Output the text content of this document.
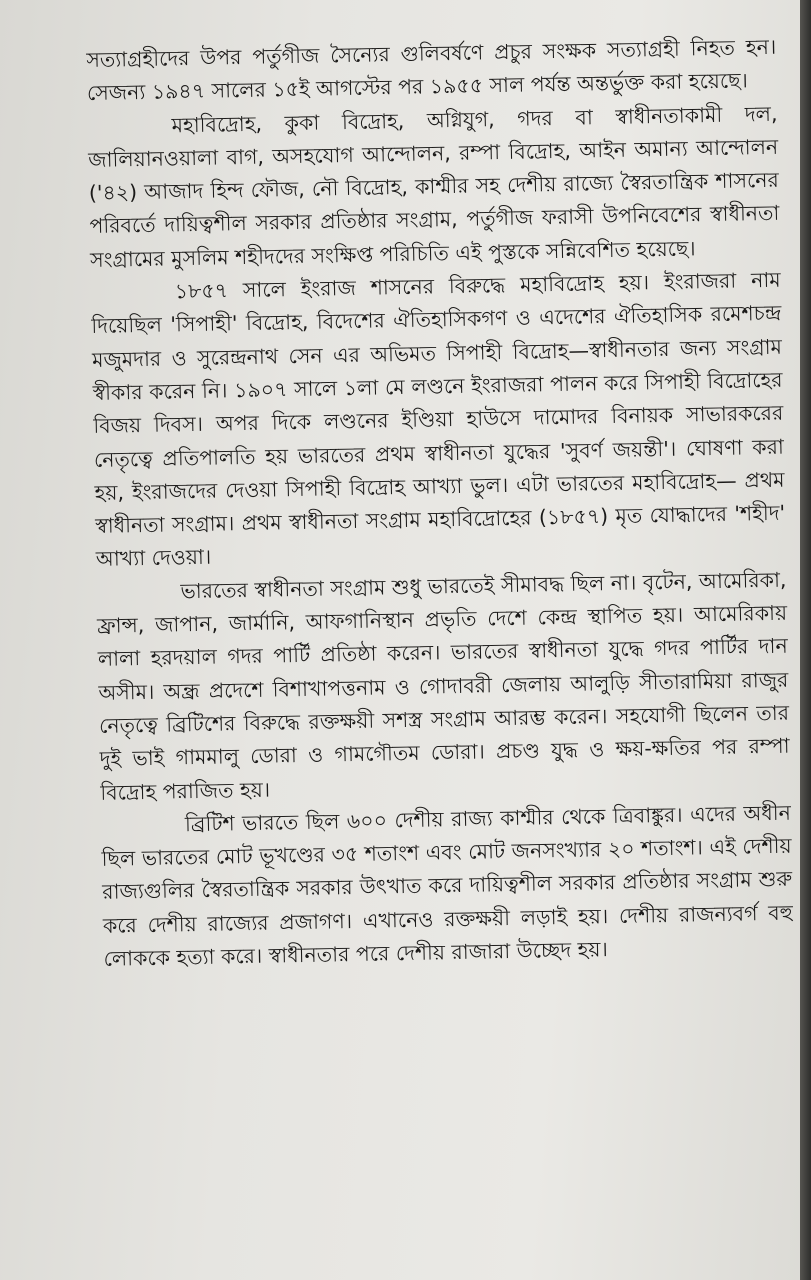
সত্যাগ্রহীদের উপর পর্তুগীজ সৈন্যের গুলিবর্ষণে প্রচুর সংক্ষক সত্যাগ্রহী নিহত হন। সেজন্য ১৯৪৭ সালের ১৫ই আগস্টের পর ১৯৫৫ সাল পর্যন্ত অন্তর্ভুক্ত করা হয়েছে।

মহাবিদ্রোহ, কুকা বিদ্রোহ, অগ্নিযুগ, গদর বা স্বাধীনতাকামী দল, জালিয়ানওয়ালা বাগ, অসহযোগ আন্দোলন, রম্পা বিদ্রোহ, আইন অমান্য আন্দোলন ('৪২) আজাদ হিন্দ ফৌজ, নৌ বিদ্রোহ, কাশ্মীর সহ দেশীয় রাজ্যে স্বৈরতান্ত্রিক শাসনের পরিবর্তে দায়িত্বশীল সরকার প্রতিষ্ঠার সংগ্রাম, পর্তুগীজ ফরাসী উপনিবেশের স্বাধীনতা সংগ্রামের মুসলিম শহীদদের সংক্ষিপ্ত পরিচিতি এই পুস্তকে সন্নিবেশিত হয়েছে।

১৮৫৭ সালে ইংরাজ শাসনের বিরুদ্ধে মহাবিদ্রোহ হয়। ইংরাজরা নাম দিয়েছিল 'সিপাহী' বিদ্রোহ, বিদেশের ঐতিহাসিকগণ ও এদেশের ঐতিহাসিক রমেশচন্দ্র মজুমদার ও সুরেন্দ্রনাথ সেন এর অভিমত সিপাহী বিদ্রোহ—স্বাধীনতার জন্য সংগ্রাম স্বীকার করেন নি। ১৯০৭ সালে ১লা মে লণ্ডনে ইংরাজরা পালন করে সিপাহী বিদ্রোহের বিজয় দিবস। অপর দিকে লণ্ডনের ইণ্ডিয়া হাউসে দামোদর বিনায়ক সাভারকরের নেতৃত্বে প্রতিপালতি হয় ভারতের প্রথম স্বাধীনতা যুদ্ধের 'সুবর্ণ জয়ন্তী'। ঘোষণা করা হয়, ইংরাজদের দেওয়া সিপাহী বিদ্রোহ আখ্যা ভুল। এটা ভারতের মহাবিদ্রোহ— প্রথম স্বাধীনতা সংগ্রাম। প্রথম স্বাধীনতা সংগ্রাম মহাবিদ্রোহের (১৮৫৭) মৃত যোদ্ধাদের 'শহীদ' আখ্যা দেওয়া।

ভারতের স্বাধীনতা সংগ্রাম শুধু ভারতেই সীমাবদ্ধ ছিল না। বৃটেন, আমেরিকা, ফ্রান্স, জাপান, জার্মানি, আফগানিস্থান প্রভৃতি দেশে কেন্দ্র স্থাপিত হয়। আমেরিকায় লালা হরদয়াল গদর পার্টি প্রতিষ্ঠা করেন। ভারতের স্বাধীনতা যুদ্ধে গদর পার্টির দান অসীম। অন্ধ্র প্রদেশে বিশাখাপত্তনাম ও গোদাবরী জেলায় আলুড়ি সীতারামিয়া রাজুর নেতৃত্বে ব্রিটিশের বিরুদ্ধে রক্তক্ষয়ী সশস্ত্র সংগ্রাম আরম্ভ করেন। সহযোগী ছিলেন তার দুই ভাই গামমালু ডোরা ও গামগৌতম ডোরা। প্রচণ্ড যুদ্ধ ও ক্ষয়-ক্ষতির পর রম্পা বিদ্রোহ পরাজিত হয়।

ব্রিটিশ ভারতে ছিল ৬০০ দেশীয় রাজ্য কাশ্মীর থেকে ত্রিবাঙ্কুর। এদের অধীন ছিল ভারতের মোট ভূখণ্ডের ৩৫ শতাংশ এবং মোট জনসংখ্যার ২০ শতাংশ। এই দেশীয় রাজ্যগুলির স্বৈরতান্ত্রিক সরকার উৎখাত করে দায়িত্বশীল সরকার প্রতিষ্ঠার সংগ্রাম শুরু করে দেশীয় রাজ্যের প্রজাগণ। এখানেও রক্তক্ষয়ী লড়াই হয়। দেশীয় রাজন্যবর্গ বহু লোককে হত্যা করে। স্বাধীনতার পরে দেশীয় রাজারা উচ্ছেদ হয়।
